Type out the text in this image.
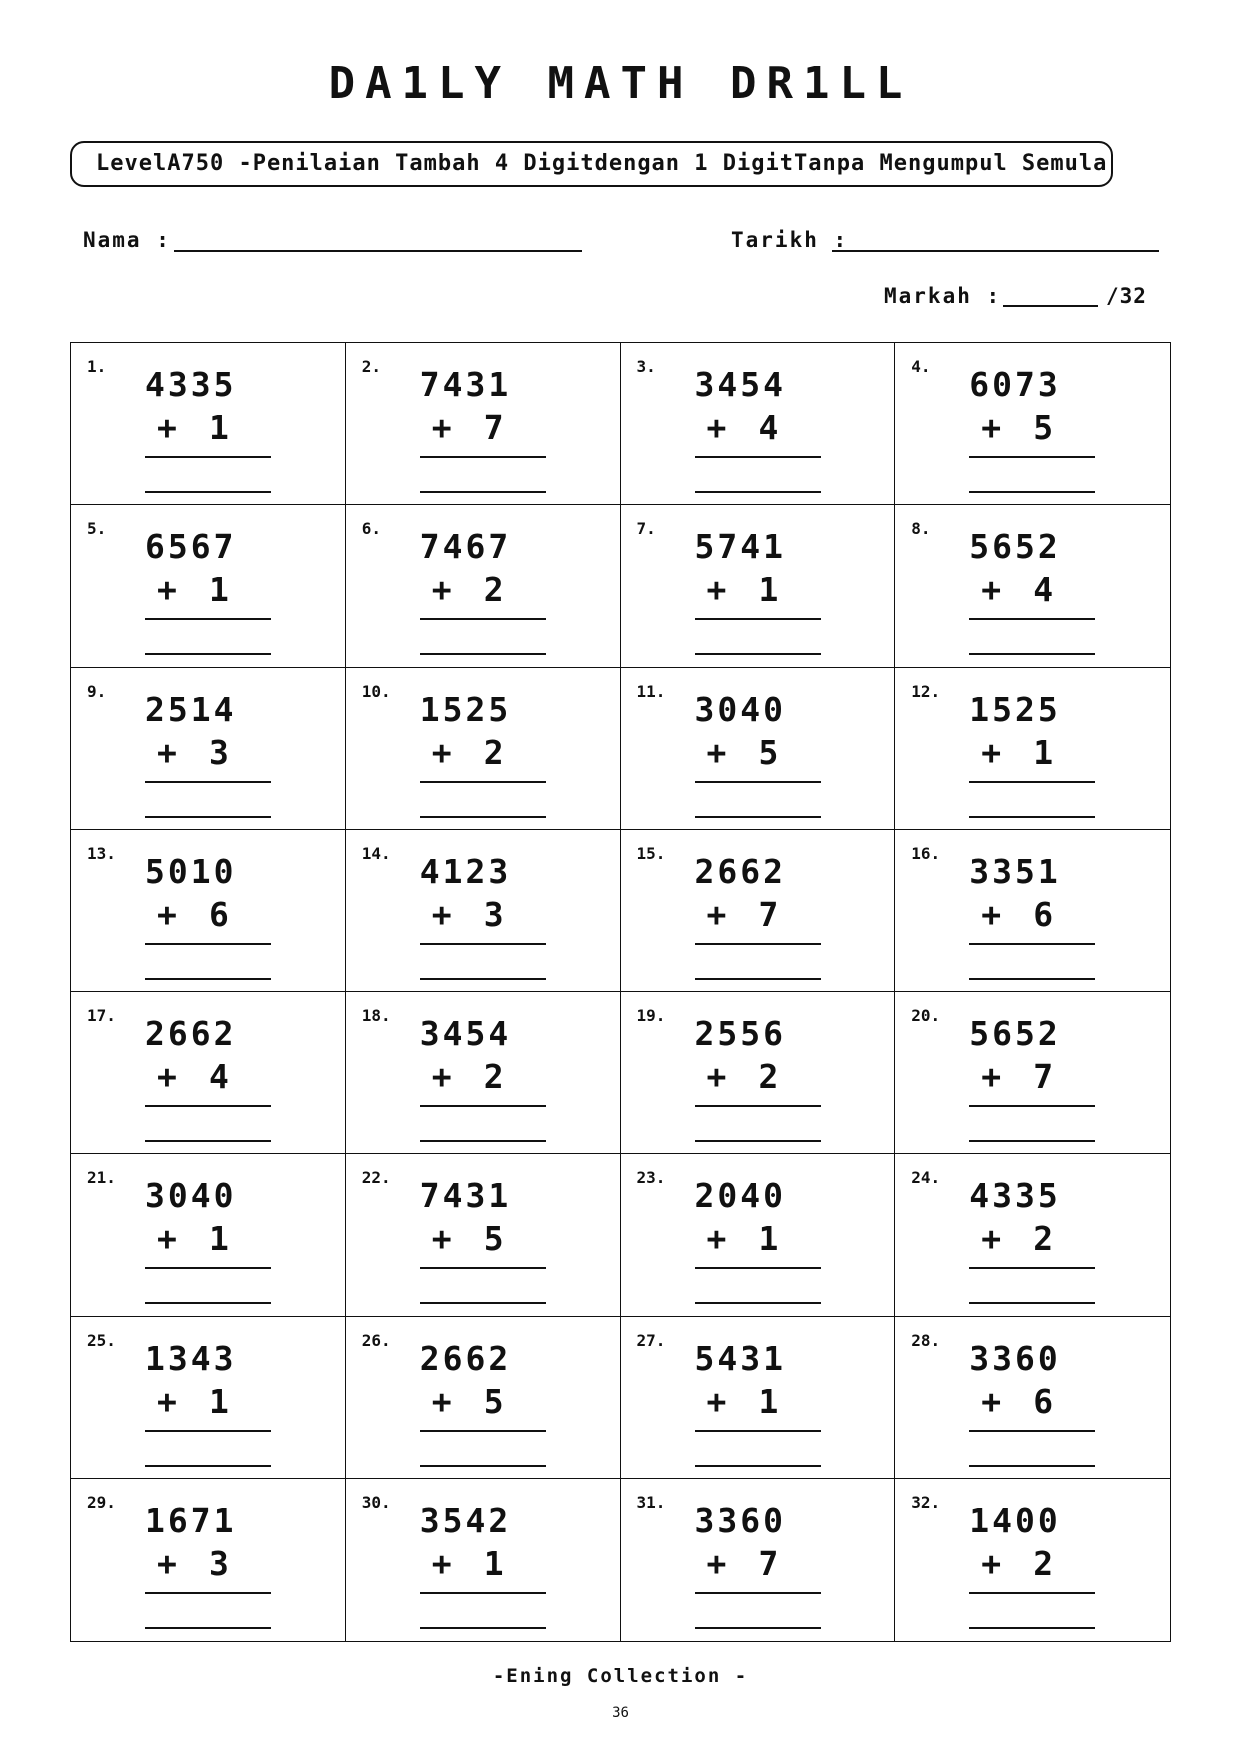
DA1LY MATH DR1LL
LevelA750 -Penilaian Tambah 4 Digitdengan 1 DigitTanpa Mengumpul Semula
Nama :	Tarikh :
Markah :	/32
1. 4335
+ 1
2. 7431
+ 7
3. 3454
+ 4
4. 6073
+ 5
5. 6567
+ 1
6. 7467
+ 2
7. 5741
+ 1
8. 5652
+ 4
9. 2514
+ 3
10. 1525
+ 2
11. 3040
+ 5
12. 1525
+ 1
13. 5010
+ 6
14. 4123
+ 3
15. 2662
+ 7
16. 3351
+ 6
17. 2662
+ 4
18. 3454
+ 2
19. 2556
+ 2
20. 5652
+ 7
21. 3040
+ 1
22. 7431
+ 5
23. 2040
+ 1
24. 4335
+ 2
25. 1343
+ 1
26. 2662
+ 5
27. 5431
+ 1
28. 3360
+ 6
29. 1671
+ 3
30. 3542
+ 1
31. 3360
+ 7
32. 1400
+ 2
-Ening Collection -
36
